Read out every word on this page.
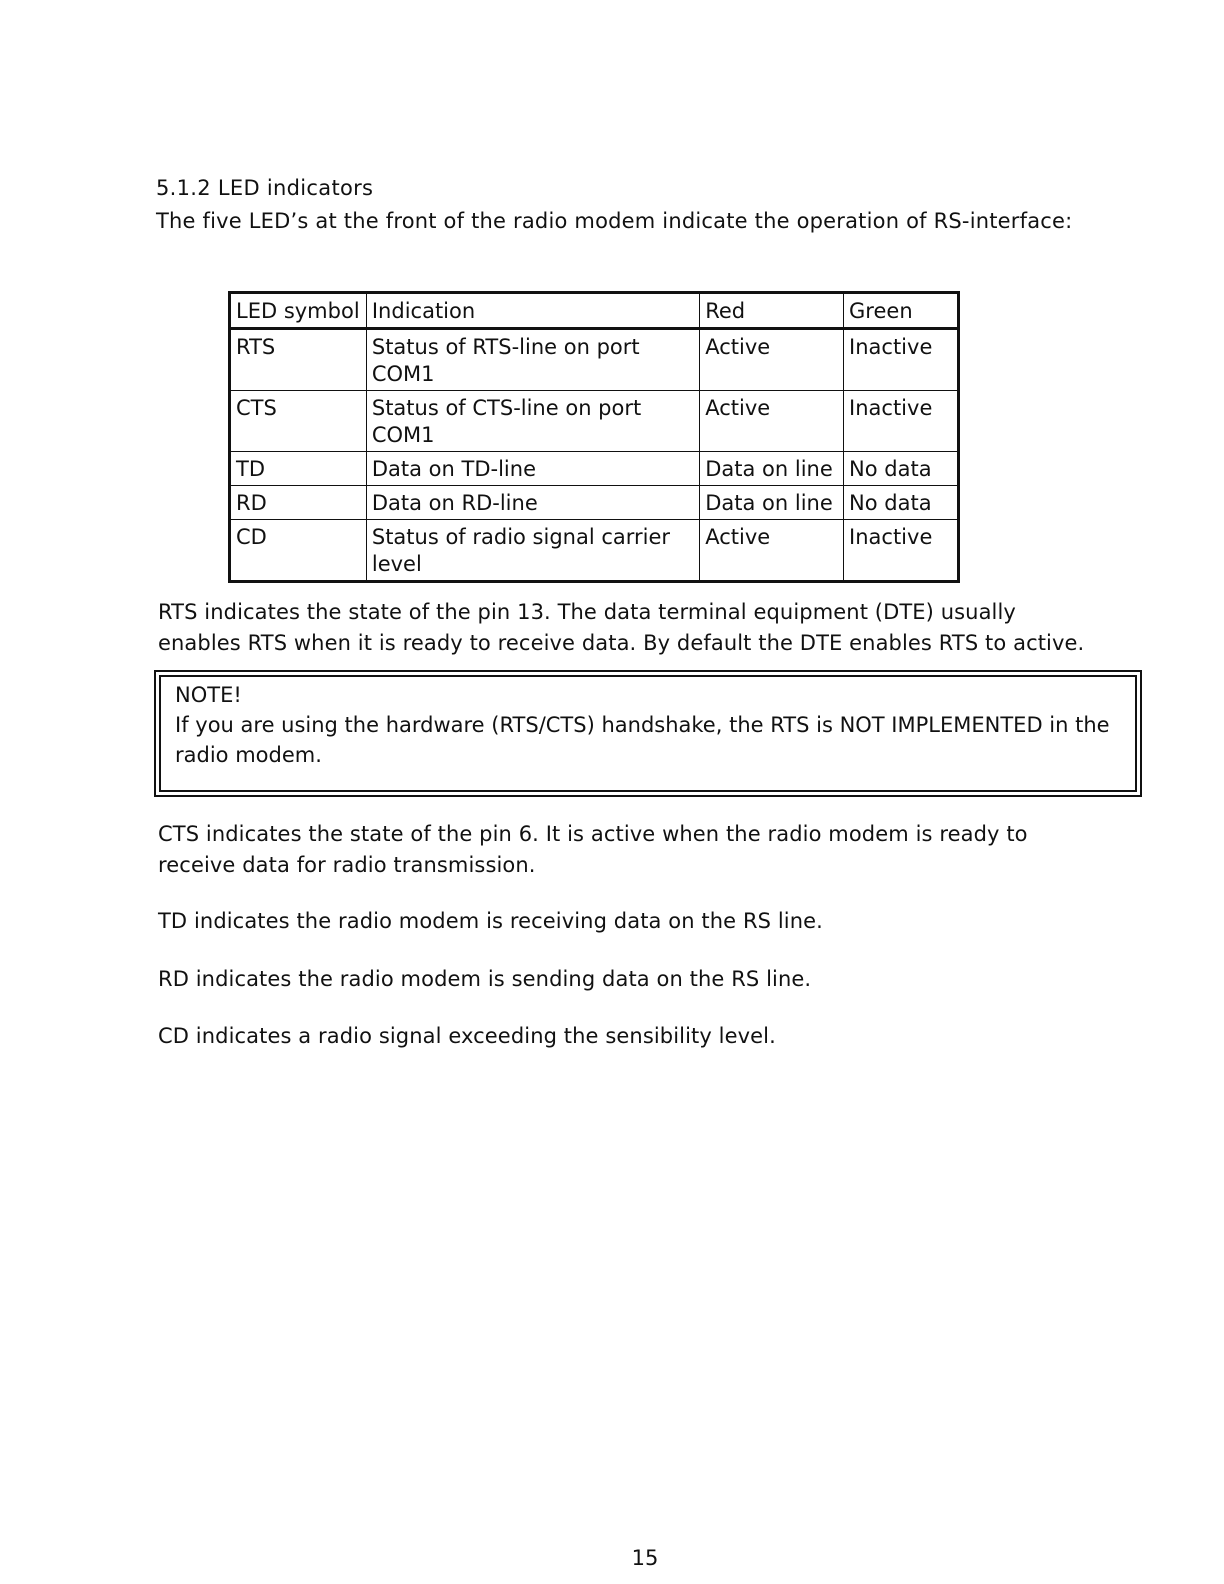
5.1.2 LED indicators
The five LED’s at the front of the radio modem indicate the operation of RS-interface:
LED symbol	Indication	Red	Green
RTS	Status of RTS-line on port COM1	Active	Inactive
CTS	Status of CTS-line on port COM1	Active	Inactive
TD	Data on TD-line	Data on line	No data
RD	Data on RD-line	Data on line	No data
CD	Status of radio signal carrier level	Active	Inactive
RTS indicates the state of the pin 13. The data terminal equipment (DTE) usually enables RTS when it is ready to receive data. By default the DTE enables RTS to active.
NOTE!
If you are using the hardware (RTS/CTS) handshake, the RTS is NOT IMPLEMENTED in the radio modem.
CTS indicates the state of the pin 6. It is active when the radio modem is ready to receive data for radio transmission.
TD indicates the radio modem is receiving data on the RS line.
RD indicates the radio modem is sending data on the RS line.
CD indicates a radio signal exceeding the sensibility level.
15
